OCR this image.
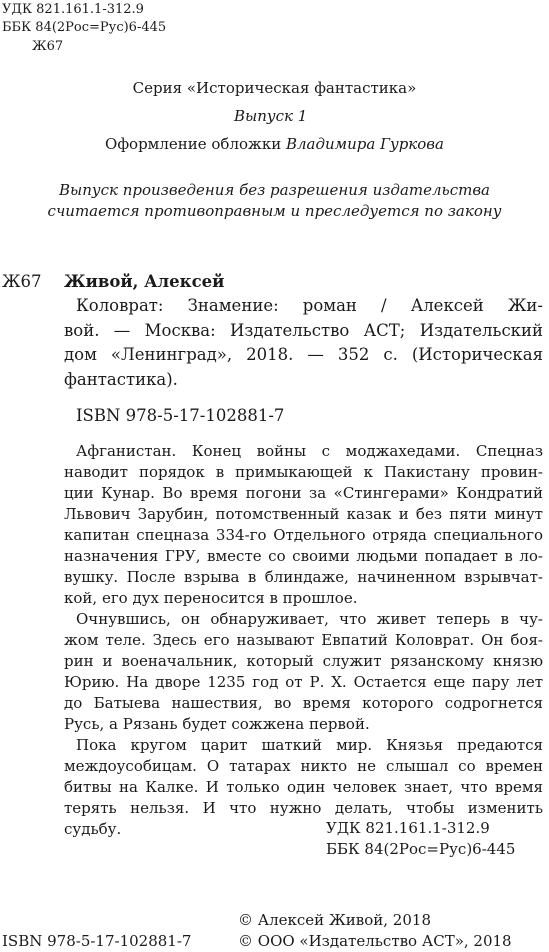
УДК 821.161.1-312.9
ББК 84(2Рос=Рус)6-445
Ж67
Серия «Историческая фантастика»
Выпуск 1
Оформление обложки Владимира Гуркова
Выпуск произведения без разрешения издательства
считается противоправным и преследуется по закону
Ж67 Живой, Алексей
Коловрат: Знамение: роман / Алексей Жи-
вой. — Москва: Издательство АСТ; Издательский
дом «Ленинград», 2018. — 352 с. (Историческая
фантастика).
ISBN 978-5-17-102881-7

Афганистан. Конец войны с моджахедами. Спецназ

наводит порядок в примыкающей к Пакистану провин-

ции Кунар. Во время погони за «Стингерами» Кондратий

Львович Зарубин, потомственный казак и без пяти минут

капитан спецназа 334-го Отдельного отряда специального

назначения ГРУ, вместе со своими людьми попадает в ло-

вушку. После взрыва в блиндаже, начиненном взрывчат-

кой, его дух переносится в прошлое.

Очнувшись, он обнаруживает, что живет теперь в чу-

жом теле. Здесь его называют Евпатий Коловрат. Он боя-

рин и военачальник, который служит рязанскому князю

Юрию. На дворе 1235 год от Р. Х. Остается еще пару лет

до Батыева нашествия, во время которого содрогнется

Русь, а Рязань будет сожжена первой.

Пока кругом царит шаткий мир. Князья предаются

междоусобицам. О татарах никто не слышал со времен

битвы на Калке. И только один человек знает, что время

терять нельзя. И что нужно делать, чтобы изменить судьбу.	УДК 821.161.1-312.9
ББК 84(2Рос=Рус)6-445
© Алексей Живой, 2018
ISBN 978-5-17-102881-7	© ООО «Издательство АСТ», 2018
